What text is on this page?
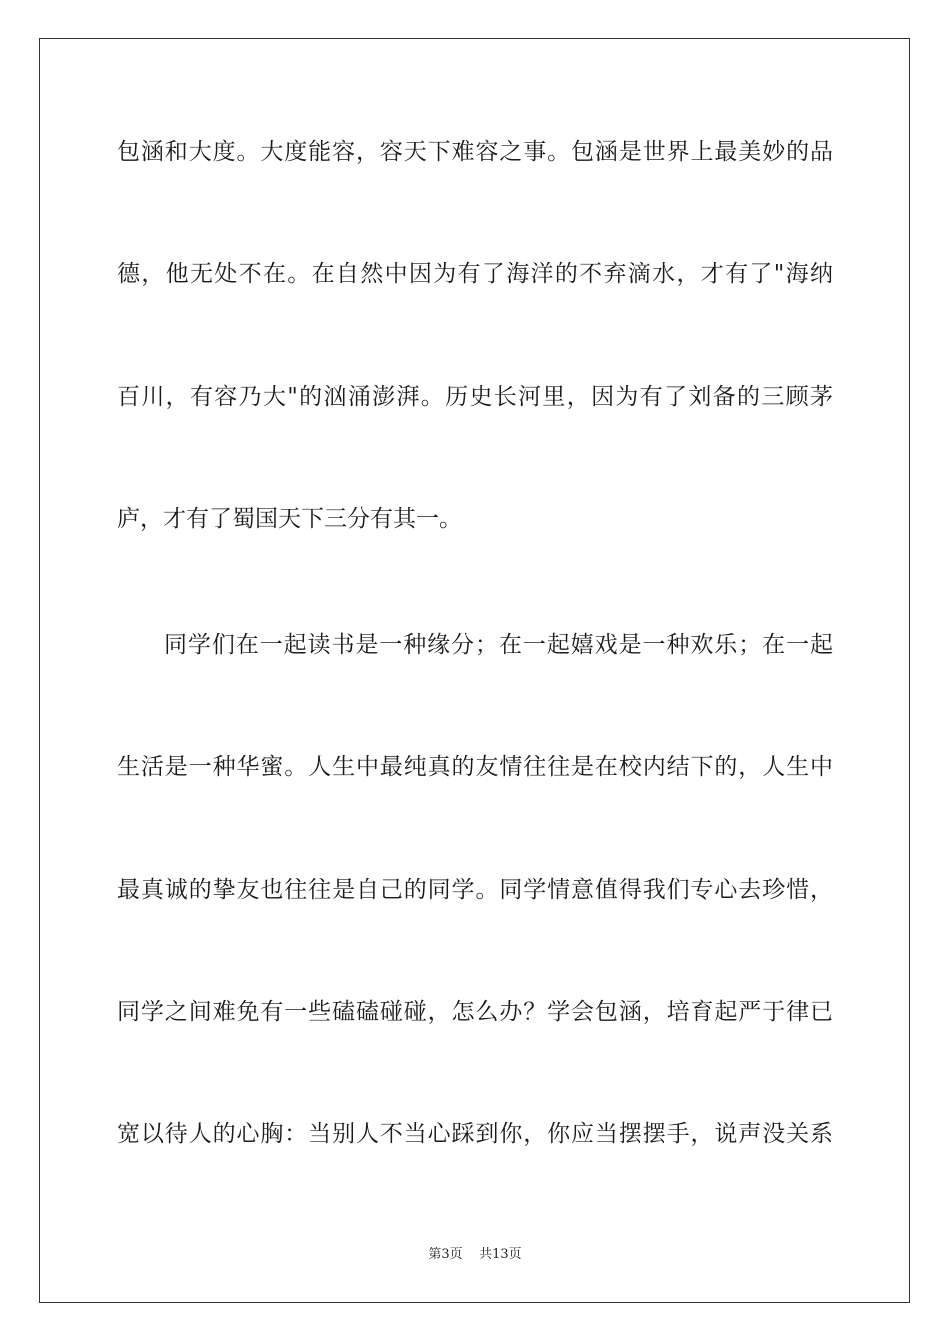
包涵和大度。大度能容，容天下难容之事。包涵是世界上最美妙的品
德，他无处不在。在自然中因为有了海洋的不弃滴水，才有了"海纳
百川，有容乃大"的汹涌澎湃。历史长河里，因为有了刘备的三顾茅
庐，才有了蜀国天下三分有其一。
同学们在一起读书是一种缘分；在一起嬉戏是一种欢乐；在一起
生活是一种华蜜。人生中最纯真的友情往往是在校内结下的，人生中
最真诚的挚友也往往是自己的同学。同学情意值得我们专心去珍惜，
同学之间难免有一些磕磕碰碰，怎么办？学会包涵，培育起严于律已
宽以待人的心胸：当别人不当心踩到你，你应当摆摆手，说声没关系
第3页 共13页
